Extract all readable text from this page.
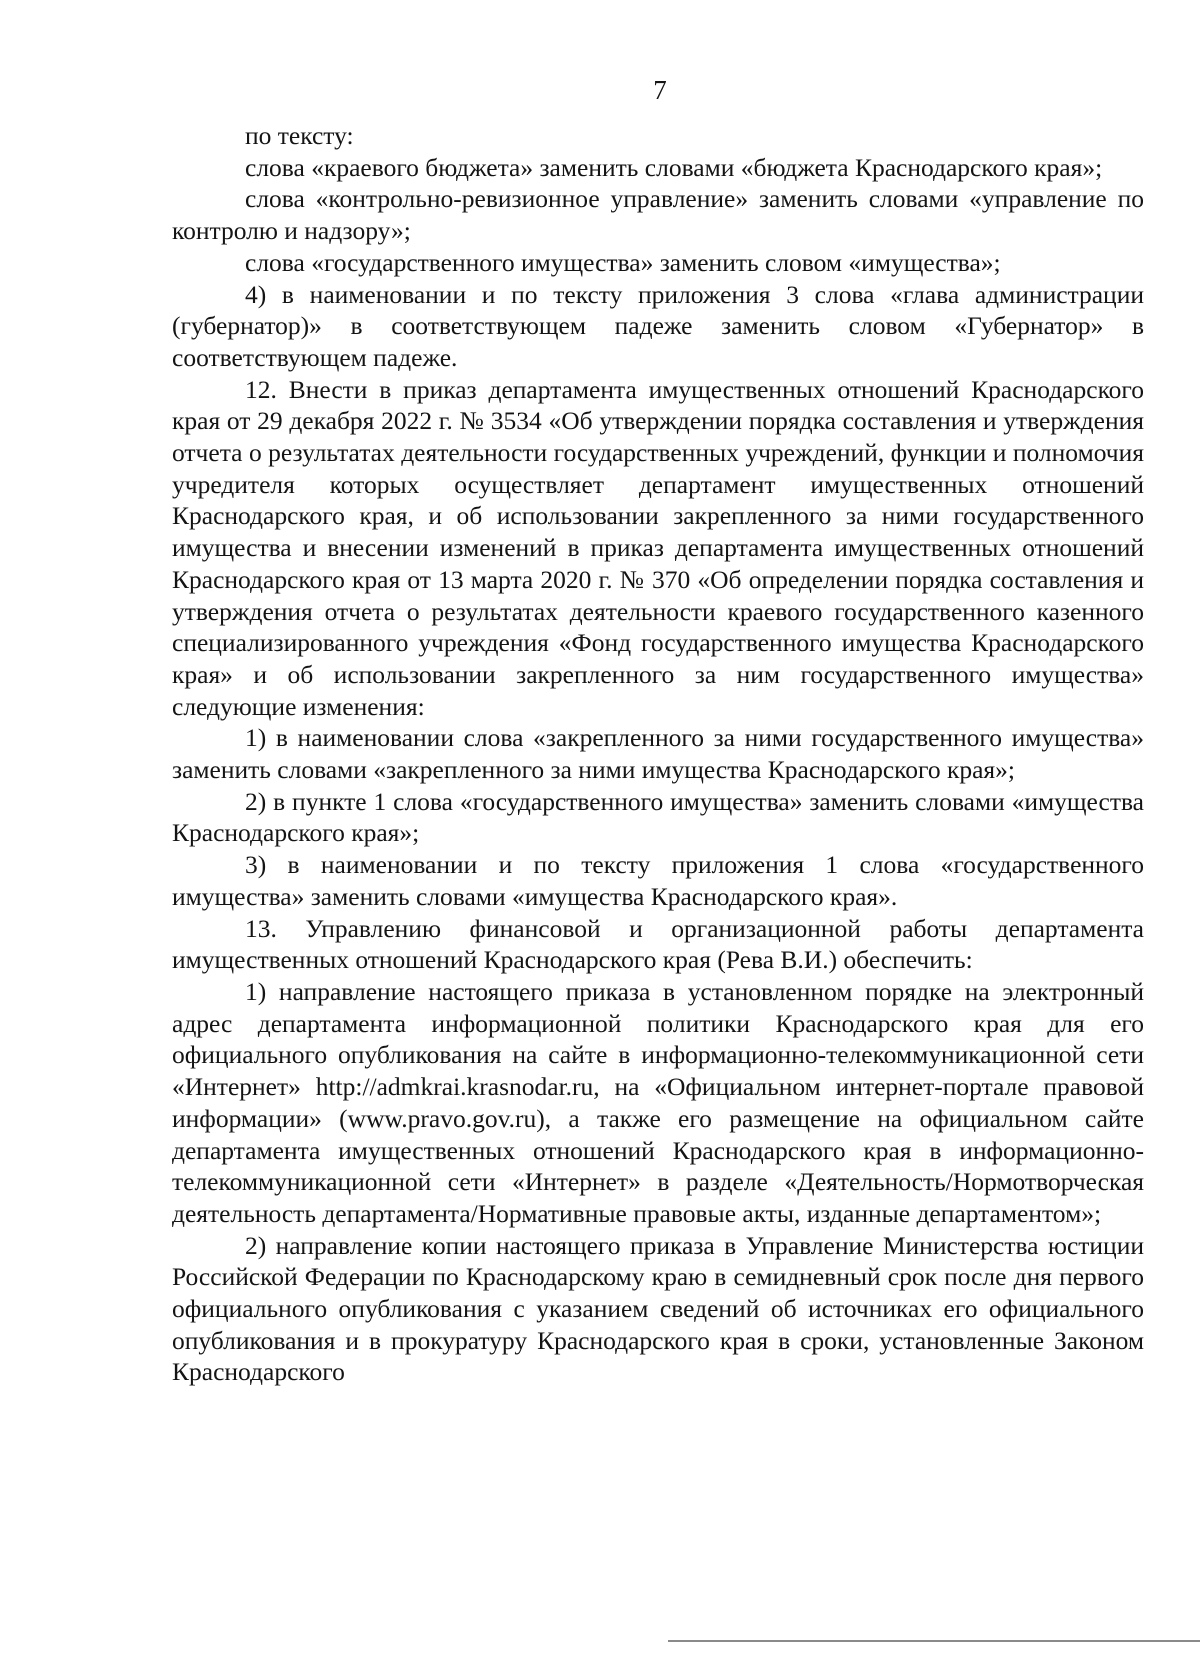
7

по тексту:

слова «краевого бюджета» заменить словами «бюджета Краснодарского края»;

слова «контрольно-ревизионное управление» заменить словами «управление по контролю и надзору»;

слова «государственного имущества» заменить словом «имущества»;

4) в наименовании и по тексту приложения 3 слова «глава администрации (губернатор)» в соответствующем падеже заменить словом «Губернатор» в соответствующем падеже.

12. Внести в приказ департамента имущественных отношений Краснодарского края от 29 декабря 2022 г. № 3534 «Об утверждении порядка составления и утверждения отчета о результатах деятельности государственных учреждений, функции и полномочия учредителя которых осуществляет департамент имущественных отношений Краснодарского края, и об использовании закрепленного за ними государственного имущества и внесении изменений в приказ департамента имущественных отношений Краснодарского края от 13 марта 2020 г. № 370 «Об определении порядка составления и утверждения отчета о результатах деятельности краевого государственного казенного специализированного учреждения «Фонд государственного имущества Краснодарского края» и об использовании закрепленного за ним государственного имущества» следующие изменения:

1) в наименовании слова «закрепленного за ними государственного имущества» заменить словами «закрепленного за ними имущества Краснодарского края»;

2) в пункте 1 слова «государственного имущества» заменить словами «имущества Краснодарского края»;

3) в наименовании и по тексту приложения 1 слова «государственного имущества» заменить словами «имущества Краснодарского края».

13. Управлению финансовой и организационной работы департамента имущественных отношений Краснодарского края (Рева В.И.) обеспечить:

1) направление настоящего приказа в установленном порядке на электронный адрес департамента информационной политики Краснодарского края для его официального опубликования на сайте в информационно-телекоммуникационной сети «Интернет» http://admkrai.krasnodar.ru, на «Официальном интернет-портале правовой информации» (www.pravo.gov.ru), а также его размещение на официальном сайте департамента имущественных отношений Краснодарского края в информационно-телекоммуникационной сети «Интернет» в разделе «Деятельность/Нормотворческая деятельность департамента/Нормативные правовые акты, изданные департаментом»;

2) направление копии настоящего приказа в Управление Министерства юстиции Российской Федерации по Краснодарскому краю в семидневный срок после дня первого официального опубликования с указанием сведений об источниках его официального опубликования и в прокуратуру Краснодарского края в сроки, установленные Законом Краснодарского
